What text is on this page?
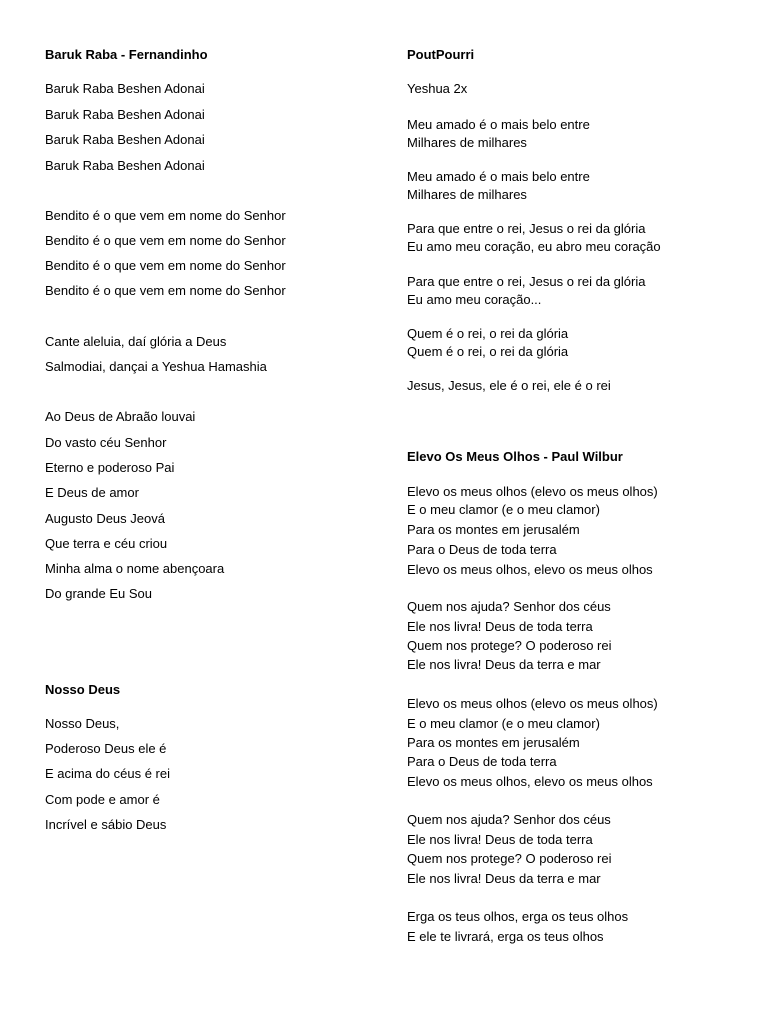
Baruk Raba - Fernandinho
Baruk Raba Beshen Adonai
Baruk Raba Beshen Adonai
Baruk Raba Beshen Adonai
Baruk Raba Beshen Adonai
Bendito é o que vem em nome do Senhor
Bendito é o que vem em nome do Senhor
Bendito é o que vem em nome do Senhor
Bendito é o que vem em nome do Senhor
Cante aleluia, daí glória a Deus
Salmodiai, dançai a Yeshua Hamashia
Ao Deus de Abraão louvai
Do vasto céu Senhor
Eterno e poderoso Pai
E Deus de amor
Augusto Deus Jeová
Que terra e céu criou
Minha alma o nome abençoara
Do grande Eu Sou
Nosso Deus
Nosso Deus,
Poderoso Deus ele é
E acima do céus é rei
Com pode e amor é
Incrível e sábio Deus
PoutPourri
Yeshua 2x
Meu amado é o mais belo entre
Milhares de milhares
Meu amado é o mais belo entre
Milhares de milhares
Para que entre o rei, Jesus o rei da glória
Eu amo meu coração, eu abro meu coração
Para que entre o rei, Jesus o rei da glória
Eu amo meu coração...
Quem é o rei, o rei da glória
Quem é o rei, o rei da glória
Jesus, Jesus, ele é o rei, ele é o rei
Elevo Os Meus Olhos - Paul Wilbur
Elevo os meus olhos (elevo os meus olhos)
E o meu clamor (e o meu clamor)
Para os montes em jerusalém
Para o Deus de toda terra
Elevo os meus olhos, elevo os meus olhos
Quem nos ajuda? Senhor dos céus
Ele nos livra! Deus de toda terra
Quem nos protege? O poderoso rei
Ele nos livra! Deus da terra e mar
Elevo os meus olhos (elevo os meus olhos)
E o meu clamor (e o meu clamor)
Para os montes em jerusalém
Para o Deus de toda terra
Elevo os meus olhos, elevo os meus olhos
Quem nos ajuda? Senhor dos céus
Ele nos livra! Deus de toda terra
Quem nos protege? O poderoso rei
Ele nos livra! Deus da terra e mar
Erga os teus olhos, erga os teus olhos
E ele te livrará, erga os teus olhos
